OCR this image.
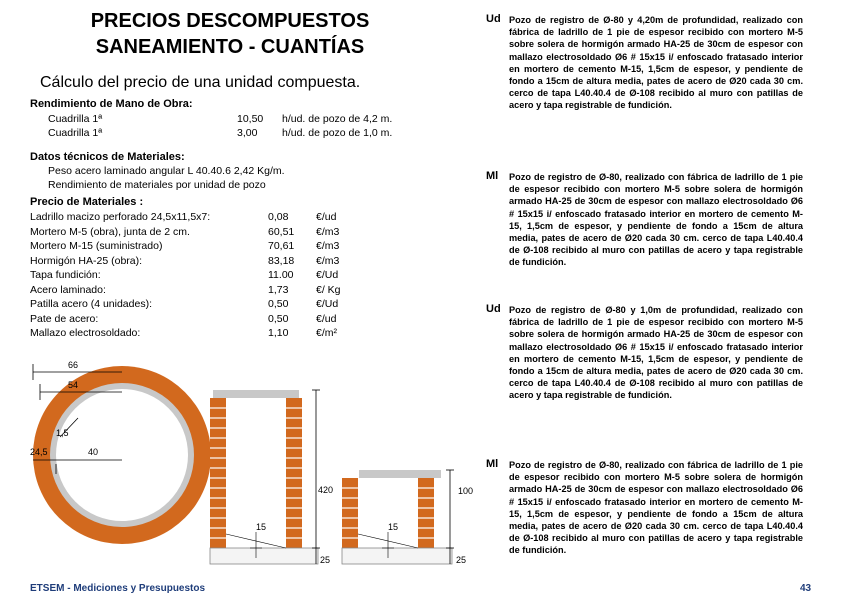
PRECIOS DESCOMPUESTOS
SANEAMIENTO - CUANTÍAS
Cálculo del precio de una unidad compuesta.
Rendimiento de Mano de Obra:
Cuadrilla 1ª	10,50 h/ud. de pozo de 4,2 m.
Cuadrilla 1ª	3,00 h/ud. de pozo de 1,0 m.
Datos técnicos de Materiales:
Peso acero laminado angular L 40.40.6 2,42 Kg/m.
Rendimiento de materiales por unidad de pozo
Precio de Materiales :
Ladrillo macizo perforado 24,5x11,5x7:	0,08	€/ud
Mortero M-5 (obra), junta de 2 cm.	60,51 €/m3
Mortero M-15 (suministrado)	70,61 €/m3
Hormigón HA-25 (obra):	83,18 €/m3
Tapa fundición:	11.00 €/Ud
Acero laminado:	1,73	€/ Kg
Patilla acero (4 unidades):	0,50	€/Ud
Pate de acero:	0,50	€/ud
Mallazo electrosoldado:	1,10	€/m²
66
54
1,5
24,5	40
15
420
25
15
100
25
Ud Pozo de registro de Ø-80 y 4,20m de profundidad, realizado con fábrica de ladrillo de 1 pie de espesor recibido con mortero M-5 sobre solera de hormigón armado HA-25 de 30cm de espesor con mallazo electrosoldado Ø6 # 15x15 i/ enfoscado fratasado interior en mortero de cemento M-15, 1,5cm de espesor, y pendiente de fondo a 15cm de altura media, pates de acero de Ø20 cada 30 cm. cerco de tapa L40.40.4 de Ø-108 recibido al muro con patillas de acero y tapa registrable de fundición.
Ml Pozo de registro de Ø-80, realizado con fábrica de ladrillo de 1 pie de espesor recibido con mortero M-5 sobre solera de hormigón armado HA-25 de 30cm de espesor con mallazo electrosoldado Ø6 # 15x15 i/ enfoscado fratasado interior en mortero de cemento M-15, 1,5cm de espesor, y pendiente de fondo a 15cm de altura media, pates de acero de Ø20 cada 30 cm. cerco de tapa L40.40.4 de Ø-108 recibido al muro con patillas de acero y tapa registrable de fundición.
Ud Pozo de registro de Ø-80 y 1,0m de profundidad, realizado con fábrica de ladrillo de 1 pie de espesor recibido con mortero M-5 sobre solera de hormigón armado HA-25 de 30cm de espesor con mallazo electrosoldado Ø6 # 15x15 i/ enfoscado fratasado interior en mortero de cemento M-15, 1,5cm de espesor, y pendiente de fondo a 15cm de altura media, pates de acero de Ø20 cada 30 cm. cerco de tapa L40.40.4 de Ø-108 recibido al muro con patillas de acero y tapa registrable de fundición.
Ml Pozo de registro de Ø-80, realizado con fábrica de ladrillo de 1 pie de espesor recibido con mortero M-5 sobre solera de hormigón armado HA-25 de 30cm de espesor con mallazo electrosoldado Ø6 # 15x15 i/ enfoscado fratasado interior en mortero de cemento M-15, 1,5cm de espesor, y pendiente de fondo a 15cm de altura media, pates de acero de Ø20 cada 30 cm. cerco de tapa L40.40.4 de Ø-108 recibido al muro con patillas de acero y tapa registrable de fundición.
ETSEM - Mediciones y Presupuestos	43
